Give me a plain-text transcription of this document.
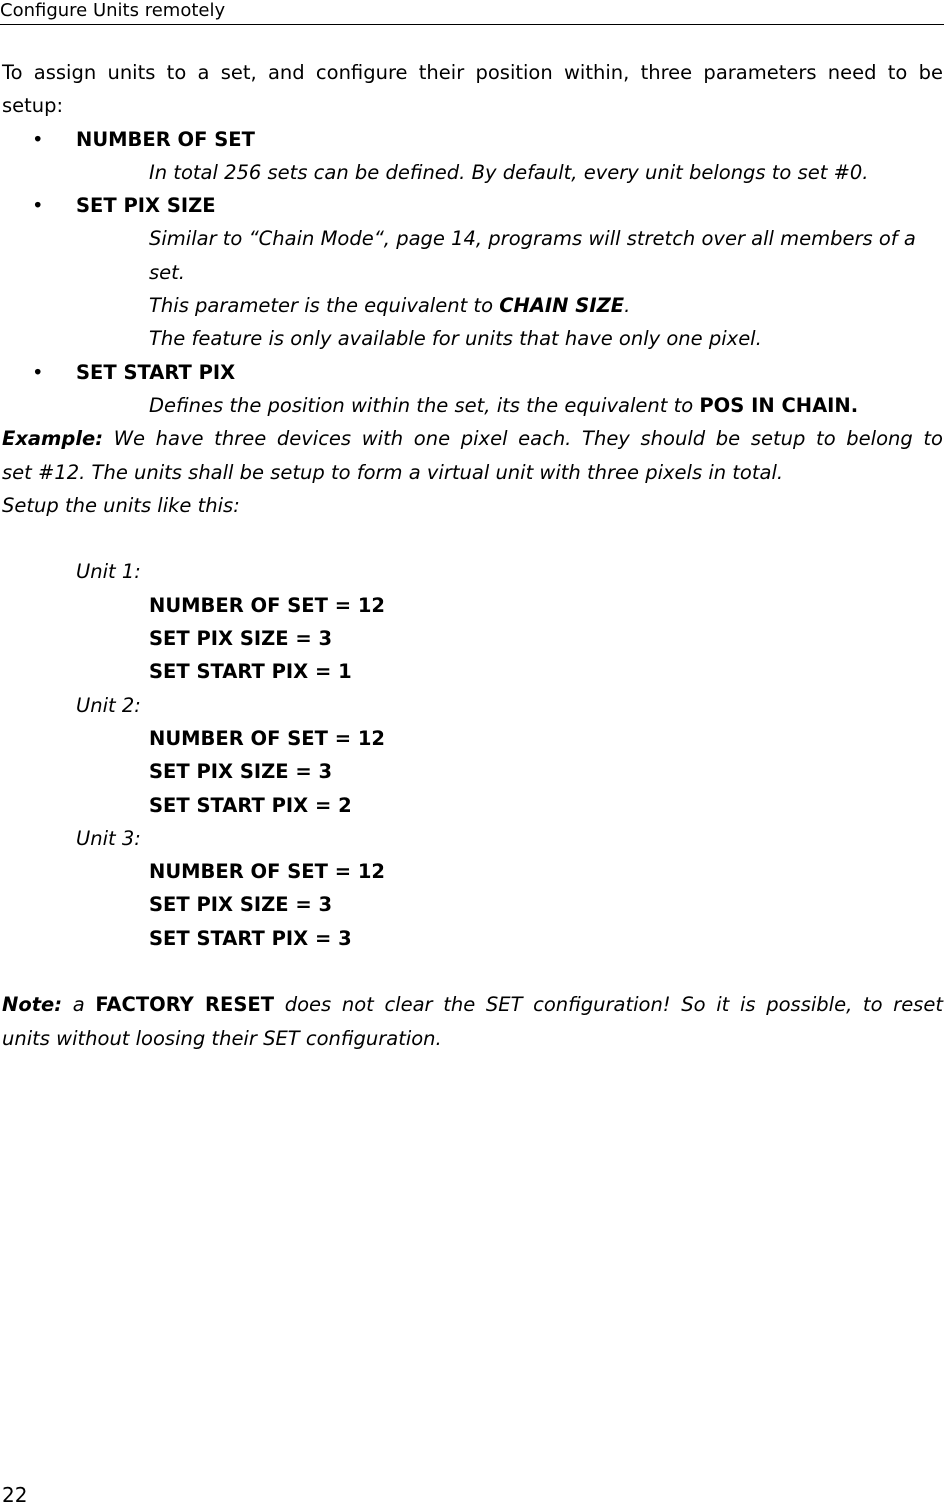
Configure Units remotely
To assign units to a set, and configure their position within, three parameters need to be
setup:
• NUMBER OF SET
In total 256 sets can be defined. By default, every unit belongs to set #0.
• SET PIX SIZE
Similar to “Chain Mode“, page 14, programs will stretch over all members of a
set.
This parameter is the equivalent to CHAIN SIZE.
The feature is only available for units that have only one pixel.
• SET START PIX
Defines the position within the set, its the equivalent to POS IN CHAIN.
Example: We have three devices with one pixel each. They should be setup to belong to
set #12. The units shall be setup to form a virtual unit with three pixels in total.
Setup the units like this:
Unit 1:
NUMBER OF SET = 12
SET PIX SIZE = 3
SET START PIX = 1
Unit 2:
NUMBER OF SET = 12
SET PIX SIZE = 3
SET START PIX = 2
Unit 3:
NUMBER OF SET = 12
SET PIX SIZE = 3
SET START PIX = 3
Note: a FACTORY RESET does not clear the SET configuration! So it is possible, to reset
units without loosing their SET configuration.
22
